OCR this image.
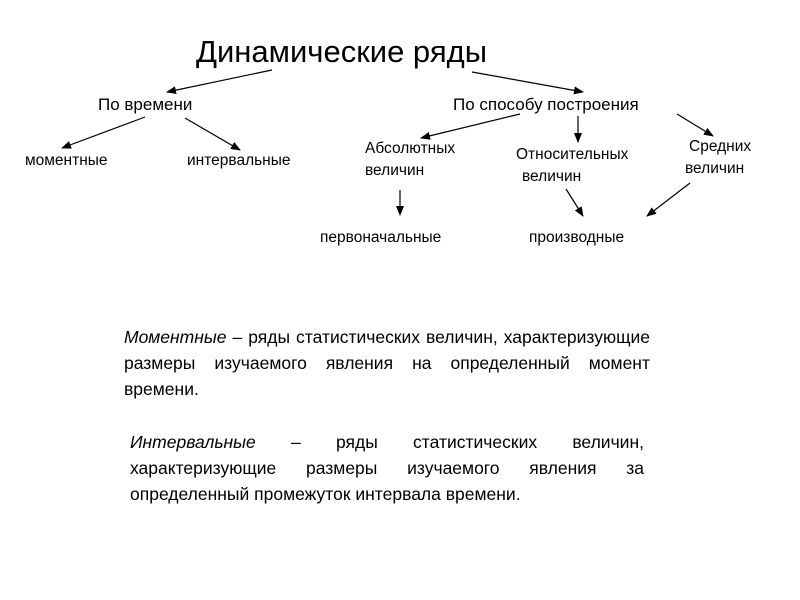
Динамические ряды
По времени	По способу построения
моментные	интервальные
Абсолютных
величин
Относительных
величин
Средних
величин
первоначальные	производные
Моментные – ряды статистических величин, характеризующие размеры изучаемого явления на определенный момент времени.
Интервальные – ряды статистических величин, характеризующие размеры изучаемого явления за определенный промежуток интервала времени.
